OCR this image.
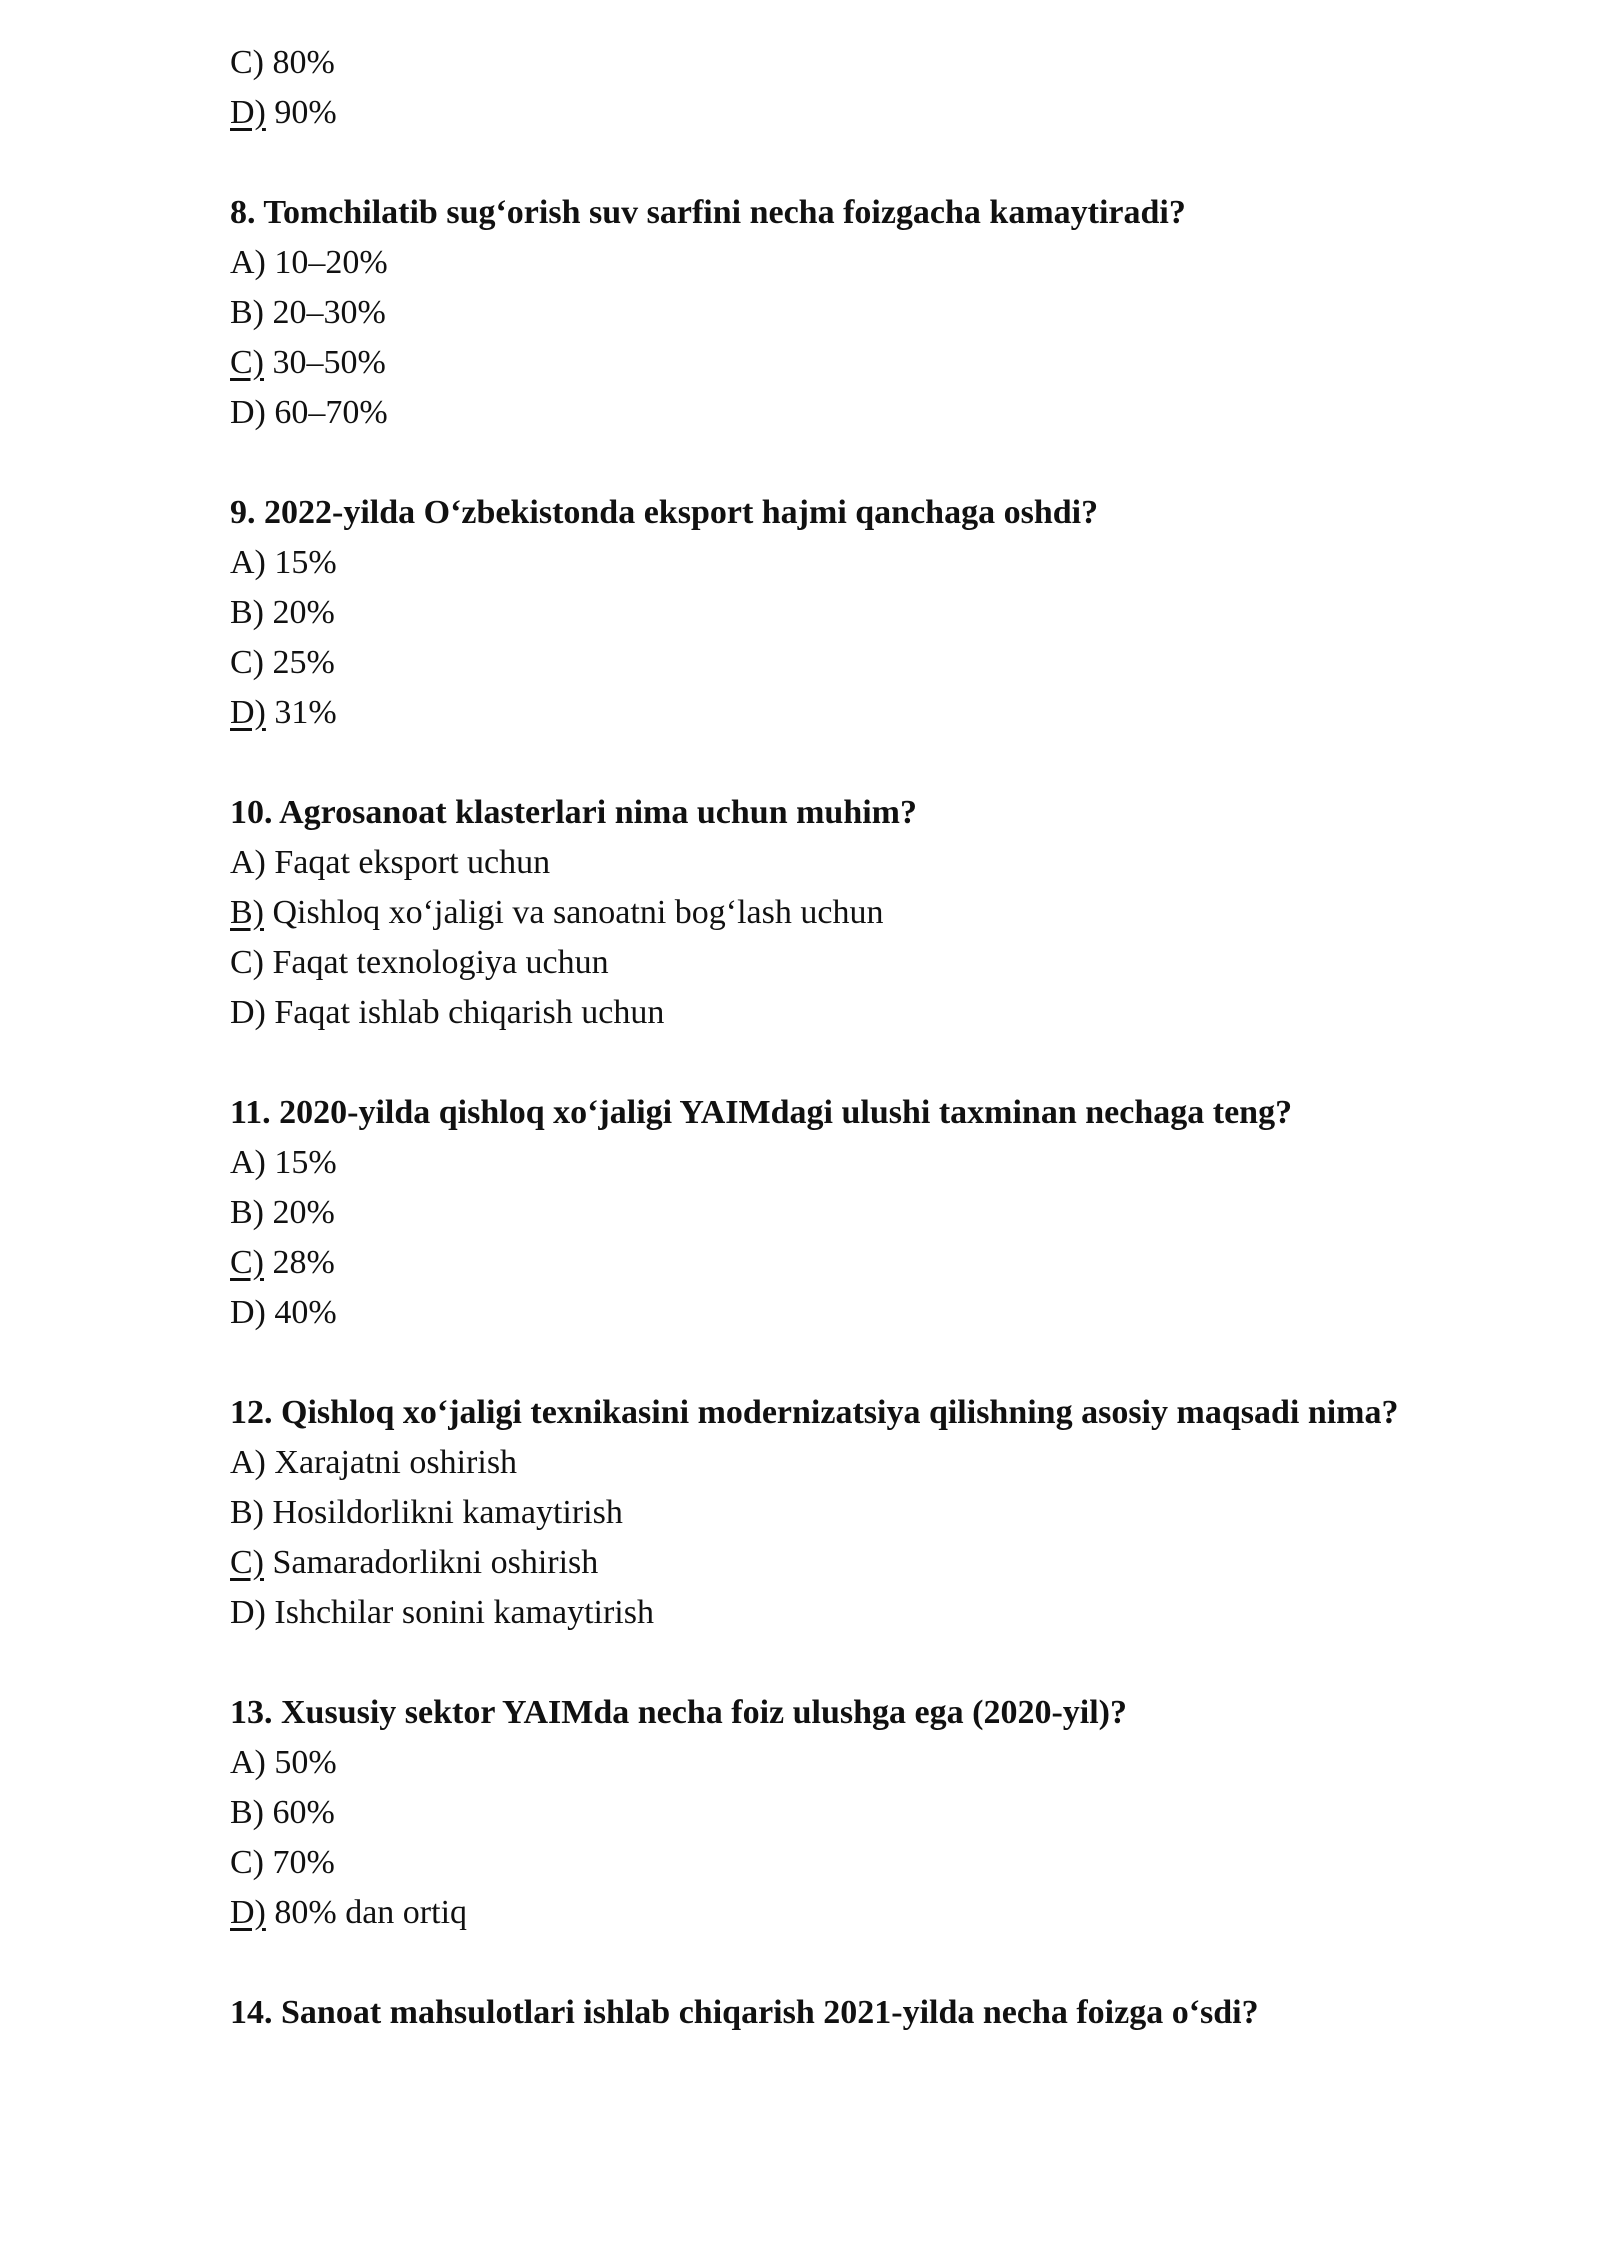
C) 80%
D) 90%
8. Tomchilatib sug‘orish suv sarfini necha foizgacha kamaytiradi?
A) 10–20%
B) 20–30%
C) 30–50%
D) 60–70%
9. 2022-yilda O‘zbekistonda eksport hajmi qanchaga oshdi?
A) 15%
B) 20%
C) 25%
D) 31%
10. Agrosanoat klasterlari nima uchun muhim?
A) Faqat eksport uchun
B) Qishloq xo‘jaligi va sanoatni bog‘lash uchun
C) Faqat texnologiya uchun
D) Faqat ishlab chiqarish uchun
11. 2020-yilda qishloq xo‘jaligi YAIMdagi ulushi taxminan nechaga teng?
A) 15%
B) 20%
C) 28%
D) 40%
12. Qishloq xo‘jaligi texnikasini modernizatsiya qilishning asosiy maqsadi nima?
A) Xarajatni oshirish
B) Hosildorlikni kamaytirish
C) Samaradorlikni oshirish
D) Ishchilar sonini kamaytirish
13. Xususiy sektor YAIMda necha foiz ulushga ega (2020-yil)?
A) 50%
B) 60%
C) 70%
D) 80% dan ortiq
14. Sanoat mahsulotlari ishlab chiqarish 2021-yilda necha foizga o‘sdi?
